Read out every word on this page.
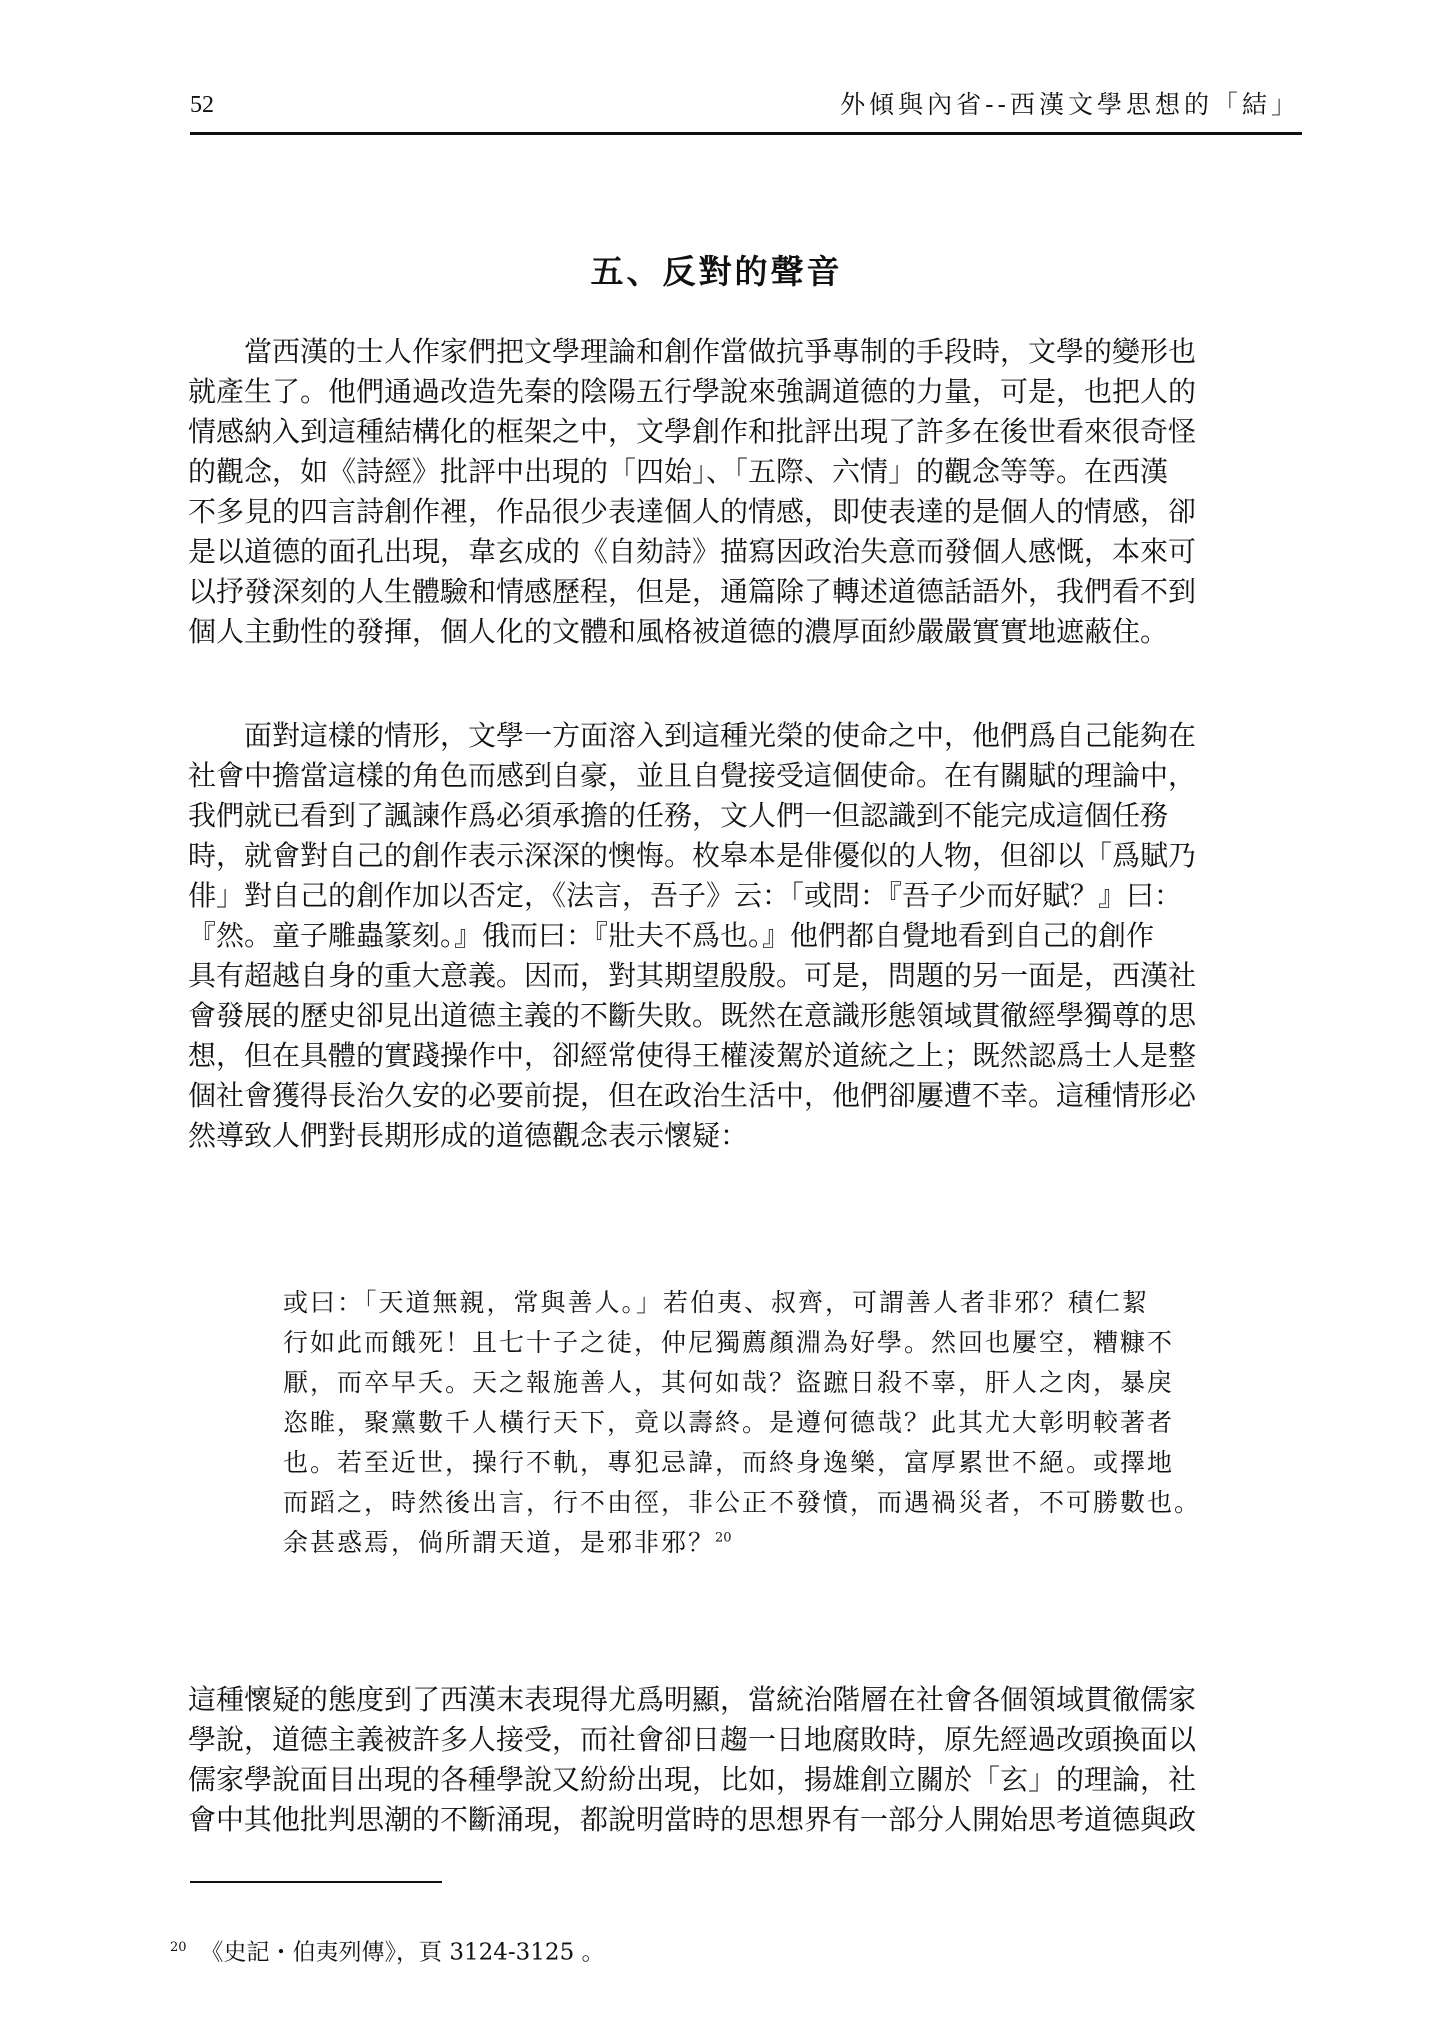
52	外傾與內省--西漢文學思想的「結」
五、反對的聲音
　　當西漢的士人作家們把文學理論和創作當做抗爭專制的手段時，文學的變形也
就產生了。他們通過改造先秦的陰陽五行學說來強調道德的力量，可是，也把人的
情感納入到這種結構化的框架之中，文學創作和批評出現了許多在後世看來很奇怪
的觀念，如《詩經》批評中出現的「四始」、「五際、六情」的觀念等等。在西漢
不多見的四言詩創作裡，作品很少表達個人的情感，即使表達的是個人的情感，卻
是以道德的面孔出現，韋玄成的《自劾詩》描寫因政治失意而發個人感慨，本來可
以抒發深刻的人生體驗和情感歷程，但是，通篇除了轉述道德話語外，我們看不到
個人主動性的發揮，個人化的文體和風格被道德的濃厚面紗嚴嚴實實地遮蔽住。
　　面對這樣的情形，文學一方面溶入到這種光榮的使命之中，他們爲自己能夠在
社會中擔當這樣的角色而感到自豪，並且自覺接受這個使命。在有關賦的理論中，
我們就已看到了諷諫作爲必須承擔的任務，文人們一但認識到不能完成這個任務
時，就會對自己的創作表示深深的懊悔。枚皋本是俳優似的人物，但卻以「爲賦乃
俳」對自己的創作加以否定，《法言，吾子》云：「或問：『吾子少而好賦？』曰：
『然。童子雕蟲篆刻。』俄而曰：『壯夫不爲也。』他們都自覺地看到自己的創作
具有超越自身的重大意義。因而，對其期望殷殷。可是，問題的另一面是，西漢社
會發展的歷史卻見出道德主義的不斷失敗。既然在意識形態領域貫徹經學獨尊的思
想，但在具體的實踐操作中，卻經常使得王權淩駕於道統之上；既然認爲士人是整
個社會獲得長治久安的必要前提，但在政治生活中，他們卻屢遭不幸。這種情形必
然導致人們對長期形成的道德觀念表示懷疑：
或曰：「天道無親，常與善人。」若伯夷、叔齊，可謂善人者非邪？積仁絜
行如此而餓死！且七十子之徒，仲尼獨薦顏淵為好學。然回也屢空，糟糠不
厭，而卒早夭。天之報施善人，其何如哉？盜蹠日殺不辜，肝人之肉，暴戾
恣睢，聚黨數千人橫行天下，竟以壽終。是遵何德哉？此其尤大彰明較著者
也。若至近世，操行不軌，專犯忌諱，而終身逸樂，富厚累世不絕。或擇地
而蹈之，時然後出言，行不由徑，非公正不發憤，而遇禍災者，不可勝數也。
余甚惑焉，倘所謂天道，是邪非邪？$^{20}$
這種懷疑的態度到了西漢末表現得尤爲明顯，當統治階層在社會各個領域貫徹儒家
學說，道德主義被許多人接受，而社會卻日趨一日地腐敗時，原先經過改頭換面以
儒家學說面目出現的各種學說又紛紛出現，比如，揚雄創立關於「玄」的理論，社
會中其他批判思潮的不斷涌現，都說明當時的思想界有一部分人開始思考道德與政
$^{20}$ 《史記・伯夷列傳》，頁 3124-3125 。
